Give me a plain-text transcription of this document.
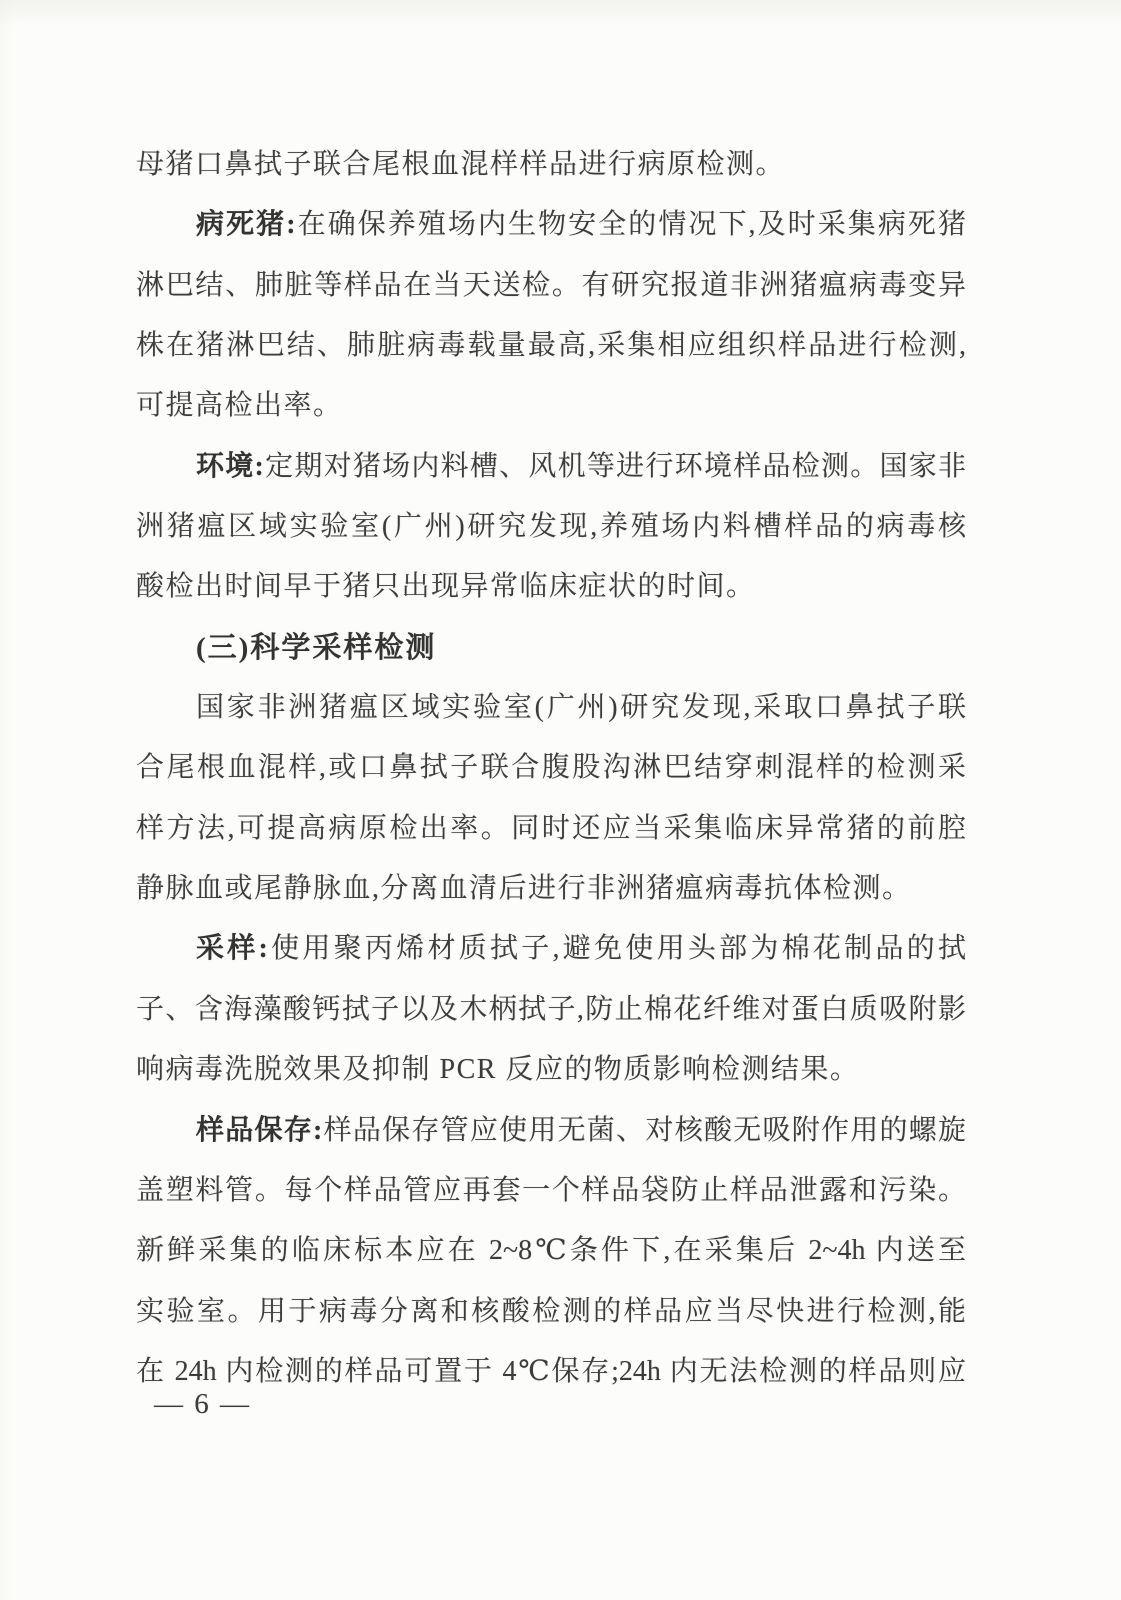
母猪口鼻拭子联合尾根血混样样品进行病原检测。
病死猪:在确保养殖场内生物安全的情况下,及时采集病死猪
淋巴结、肺脏等样品在当天送检。有研究报道非洲猪瘟病毒变异
株在猪淋巴结、肺脏病毒载量最高,采集相应组织样品进行检测,
可提高检出率。
环境:定期对猪场内料槽、风机等进行环境样品检测。国家非
洲猪瘟区域实验室(广州)研究发现,养殖场内料槽样品的病毒核
酸检出时间早于猪只出现异常临床症状的时间。
(三)科学采样检测
国家非洲猪瘟区域实验室(广州)研究发现,采取口鼻拭子联
合尾根血混样,或口鼻拭子联合腹股沟淋巴结穿刺混样的检测采
样方法,可提高病原检出率。同时还应当采集临床异常猪的前腔
静脉血或尾静脉血,分离血清后进行非洲猪瘟病毒抗体检测。
采样:使用聚丙烯材质拭子,避免使用头部为棉花制品的拭
子、含海藻酸钙拭子以及木柄拭子,防止棉花纤维对蛋白质吸附影
响病毒洗脱效果及抑制 PCR 反应的物质影响检测结果。
样品保存:样品保存管应使用无菌、对核酸无吸附作用的螺旋
盖塑料管。每个样品管应再套一个样品袋防止样品泄露和污染。
新鲜采集的临床标本应在 2~8℃条件下,在采集后 2~4h 内送至
实验室。用于病毒分离和核酸检测的样品应当尽快进行检测,能
在 24h 内检测的样品可置于 4℃保存;24h 内无法检测的样品则应
— 6 —
